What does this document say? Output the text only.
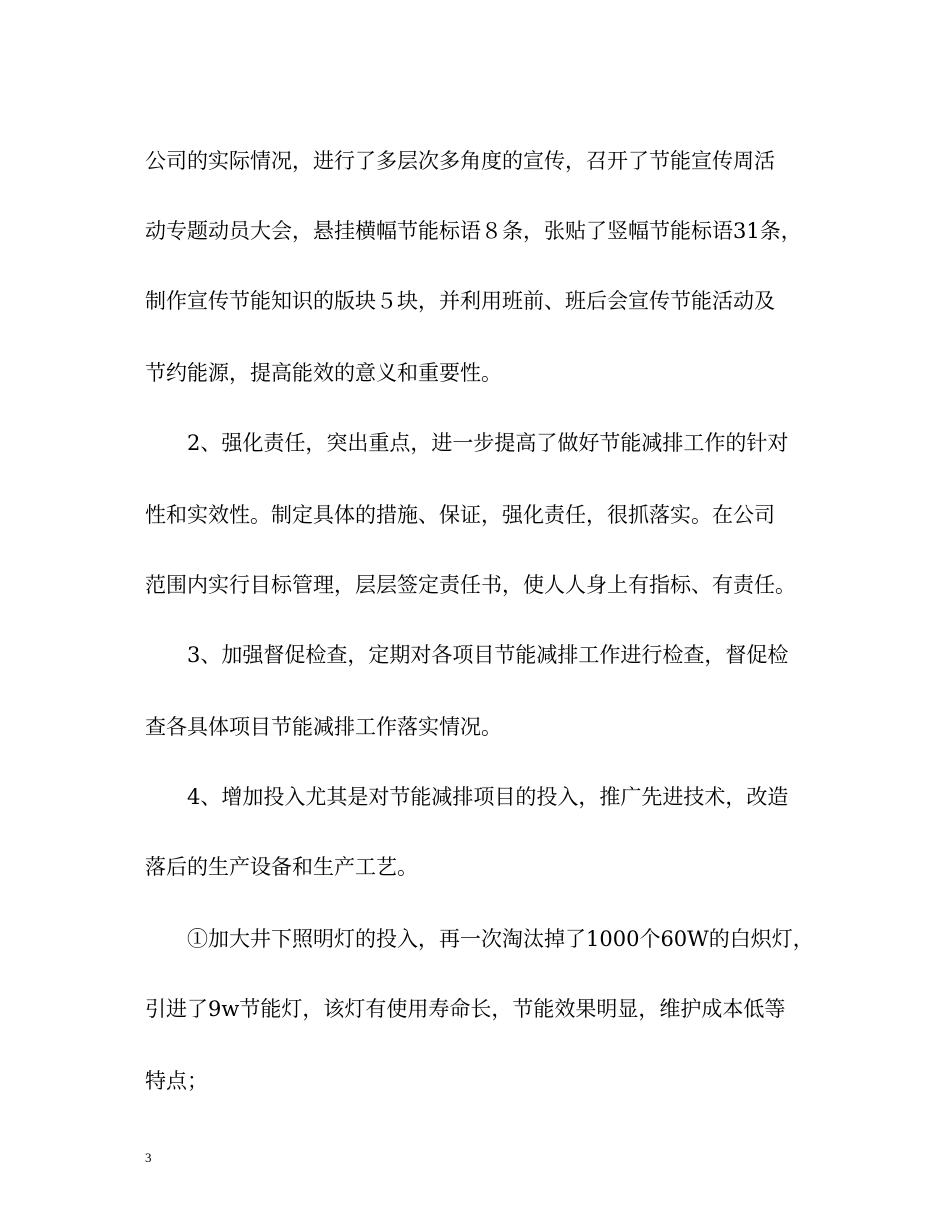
公司的实际情况，进行了多层次多角度的宣传，召开了节能宣传周活
动专题动员大会，悬挂横幅节能标语８条，张贴了竖幅节能标语31条，
制作宣传节能知识的版块５块，并利用班前、班后会宣传节能活动及
节约能源，提高能效的意义和重要性。
2、强化责任，突出重点，进一步提高了做好节能减排工作的针对
性和实效性。制定具体的措施、保证，强化责任，很抓落实。在公司
范围内实行目标管理，层层签定责任书，使人人身上有指标、有责任。
3、加强督促检查，定期对各项目节能减排工作进行检查，督促检
查各具体项目节能减排工作落实情况。
4、增加投入尤其是对节能减排项目的投入，推广先进技术，改造
落后的生产设备和生产工艺。
①加大井下照明灯的投入，再一次淘汰掉了1000个60W的白炽灯，
引进了9w节能灯，该灯有使用寿命长，节能效果明显，维护成本低等
特点；
3
